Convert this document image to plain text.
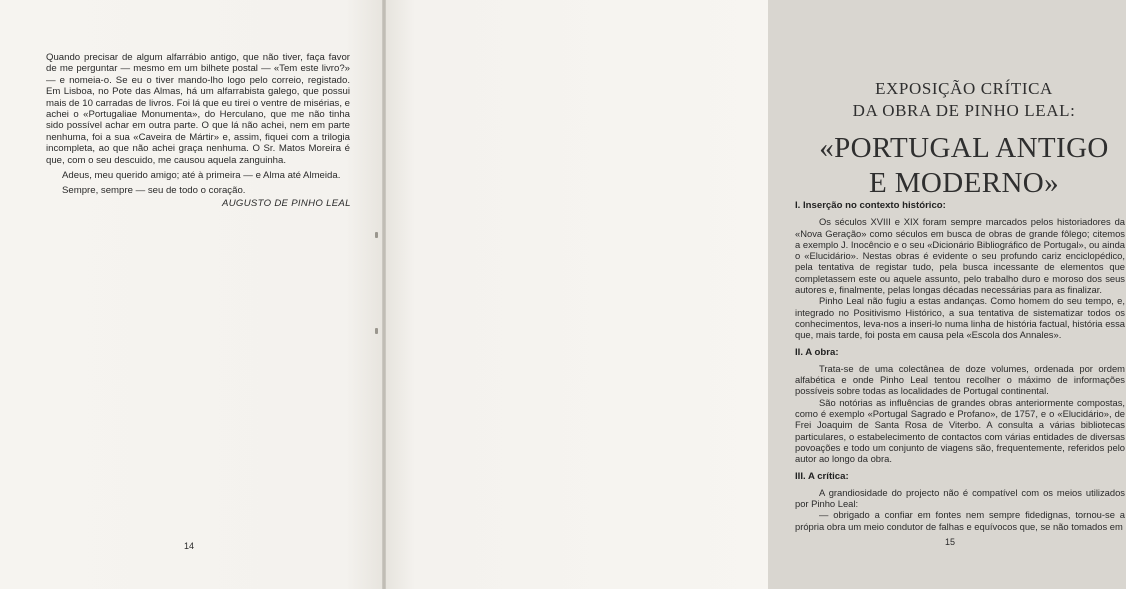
Quando precisar de algum alfarrábio antigo, que não tiver, faça favor de me perguntar — mesmo em um bilhete postal — «Tem este livro?» — e nomeia-o. Se eu o tiver mando-lho logo pelo correio, registado. Em Lisboa, no Pote das Almas, há um alfarrabista galego, que possui mais de 10 carradas de livros. Foi lá que eu tirei o ventre de misérias, e achei o «Portugaliae Monumenta», do Herculano, que me não tinha sido possível achar em outra parte. O que lá não achei, nem em parte nenhuma, foi a sua «Caveira de Mártir» e, assim, fiquei com a trilogia incompleta, ao que não achei graça nenhuma. O Sr. Matos Moreira é que, com o seu descuido, me causou aquela zanguinha.

Adeus, meu querido amigo; até à primeira — e Alma até Almeida.

Sempre, sempre — seu de todo o coração.

AUGUSTO DE PINHO LEAL
14
EXPOSIÇÃO CRÍTICA
DA OBRA DE PINHO LEAL:
«PORTUGAL ANTIGO
E MODERNO»
I. Inserção no contexto histórico:

Os séculos XVIII e XIX foram sempre marcados pelos historiadores da «Nova Geração» como séculos em busca de obras de grande fôlego; citemos a exemplo J. Inocêncio e o seu «Dicionário Bibliográfico de Portugal», ou ainda o «Elucidário». Nestas obras é evidente o seu profundo cariz enciclopédico, pela tentativa de registar tudo, pela busca incessante de elementos que completassem este ou aquele assunto, pelo trabalho duro e moroso dos seus autores e, finalmente, pelas longas décadas necessárias para as finalizar.

Pinho Leal não fugiu a estas andanças. Como homem do seu tempo, e, integrado no Positivismo Histórico, a sua tentativa de sistematizar todos os conhecimentos, leva-nos a inseri-lo numa linha de história factual, história essa que, mais tarde, foi posta em causa pela «Escola dos Annales».

II. A obra:

Trata-se de uma colectânea de doze volumes, ordenada por ordem alfabética e onde Pinho Leal tentou recolher o máximo de informações possíveis sobre todas as localidades de Portugal continental.

São notórias as influências de grandes obras anteriormente compostas, como é exemplo «Portugal Sagrado e Profano», de 1757, e o «Elucidário», de Frei Joaquim de Santa Rosa de Viterbo. A consulta a várias bibliotecas particulares, o estabelecimento de contactos com várias entidades de diversas povoações e todo um conjunto de viagens são, frequentemente, referidos pelo autor ao longo da obra.

III. A crítica:

A grandiosidade do projecto não é compatível com os meios utilizados por Pinho Leal:

— obrigado a confiar em fontes nem sempre fidedignas, tornou-se a própria obra um meio condutor de falhas e equívocos que, se não tomados em

15
